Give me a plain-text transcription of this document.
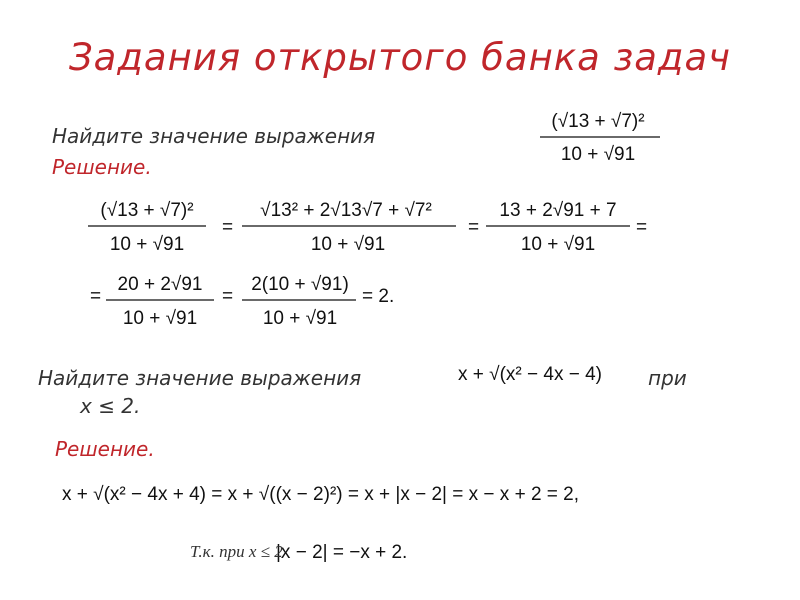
Задания открытого банка задач
Найдите значение выражения
Решение.
(√13 + √7)²
10 + √91
(√13 + √7)²
10 + √91
=
√13² + 2√13√7 + √7²
10 + √91
=
13 + 2√91 + 7
10 + √91
=
=
20 + 2√91
10 + √91
=
2(10 + √91)
10 + √91
= 2.
x + √(x² − 4x − 4)
x + √(x² − 4x + 4) = x + √((x − 2)²) = x + |x − 2| = x − x + 2 = 2,
|x − 2| = −x + 2.
Найдите значение выражения	при
x ≤ 2.
Решение.
Т.к. при x ≤ 2
